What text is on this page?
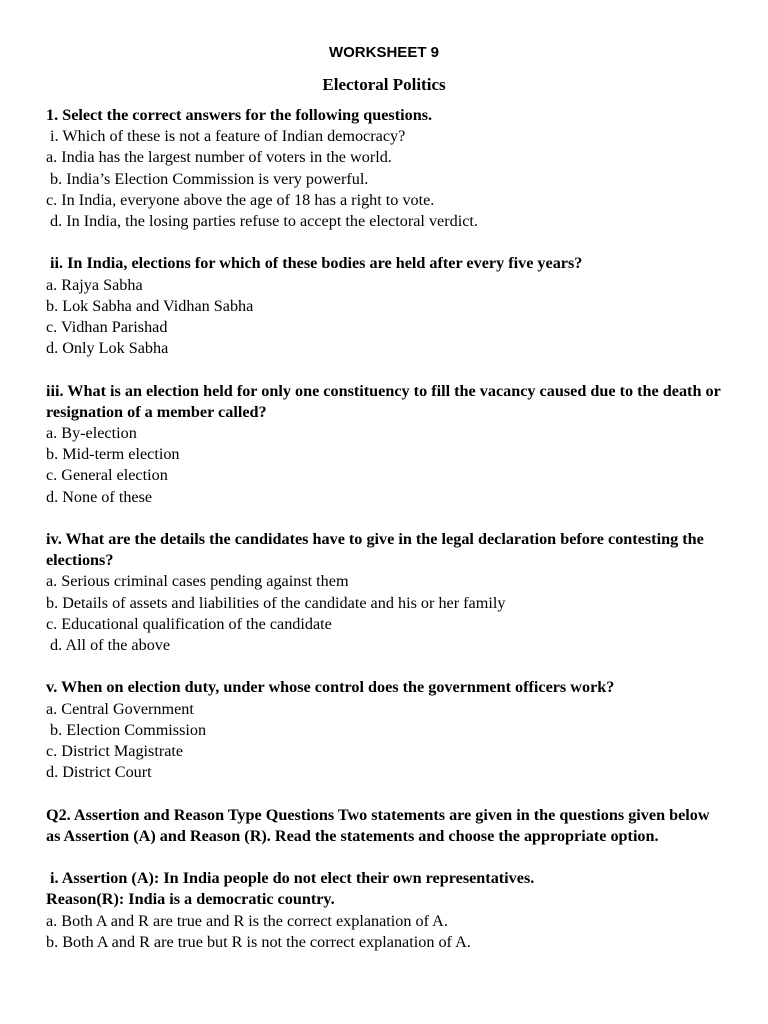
WORKSHEET 9
Electoral Politics
1. Select the correct answers for the following questions.
i. Which of these is not a feature of Indian democracy?
a. India has the largest number of voters in the world.
b. India’s Election Commission is very powerful.
c. In India, everyone above the age of 18 has a right to vote.
d. In India, the losing parties refuse to accept the electoral verdict.
ii. In India, elections for which of these bodies are held after every five years?
a. Rajya Sabha
b. Lok Sabha and Vidhan Sabha
c. Vidhan Parishad
d. Only Lok Sabha
iii. What is an election held for only one constituency to fill the vacancy caused due to the death or resignation of a member called?
a. By-election
b. Mid-term election
c. General election
d. None of these
iv. What are the details the candidates have to give in the legal declaration before contesting the elections?
a. Serious criminal cases pending against them
b. Details of assets and liabilities of the candidate and his or her family
c. Educational qualification of the candidate
d. All of the above
v. When on election duty, under whose control does the government officers work?
a. Central Government
b. Election Commission
c. District Magistrate
d. District Court
Q2. Assertion and Reason Type Questions Two statements are given in the questions given below as Assertion (A) and Reason (R). Read the statements and choose the appropriate option.
i. Assertion (A): In India people do not elect their own representatives.
Reason(R): India is a democratic country.
a. Both A and R are true and R is the correct explanation of A.
b. Both A and R are true but R is not the correct explanation of A.
